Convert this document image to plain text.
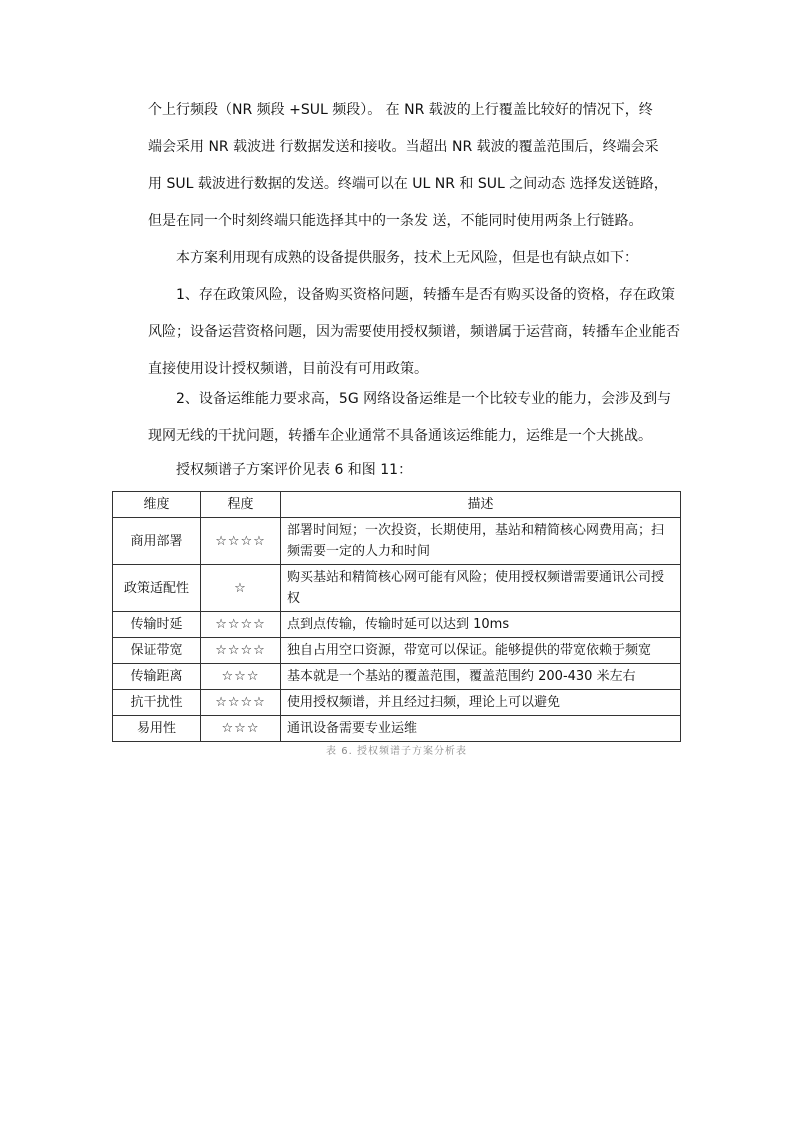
个上行频段（NR 频段 +SUL 频段）。 在 NR 载波的上行覆盖比较好的情况下，终
端会采用 NR 载波进 行数据发送和接收。当超出 NR 载波的覆盖范围后，终端会采
用 SUL 载波进行数据的发送。终端可以在 UL NR 和 SUL 之间动态 选择发送链路，
但是在同一个时刻终端只能选择其中的一条发 送，不能同时使用两条上行链路。
本方案利用现有成熟的设备提供服务，技术上无风险，但是也有缺点如下：
1、存在政策风险，设备购买资格问题，转播车是否有购买设备的资格，存在政策
风险；设备运营资格问题，因为需要使用授权频谱，频谱属于运营商，转播车企业能否
直接使用设计授权频谱，目前没有可用政策。
2、设备运维能力要求高，5G 网络设备运维是一个比较专业的能力，会涉及到与
现网无线的干扰问题，转播车企业通常不具备通该运维能力，运维是一个大挑战。
授权频谱子方案评价见表 6 和图 11：
维度	程度	描述
商用部署	☆☆☆☆	部署时间短；一次投资，长期使用，基站和精简核心网费用高；扫频需要一定的人力和时间
政策适配性	☆	购买基站和精简核心网可能有风险；使用授权频谱需要通讯公司授权
传输时延	☆☆☆☆	点到点传输，传输时延可以达到 10ms
保证带宽	☆☆☆☆	独自占用空口资源，带宽可以保证。能够提供的带宽依赖于频宽
传输距离	☆☆☆	基本就是一个基站的覆盖范围，覆盖范围约 200-430 米左右
抗干扰性	☆☆☆☆	使用授权频谱，并且经过扫频，理论上可以避免
易用性	☆☆☆	通讯设备需要专业运维
表 6. 授权频谱子方案分析表
